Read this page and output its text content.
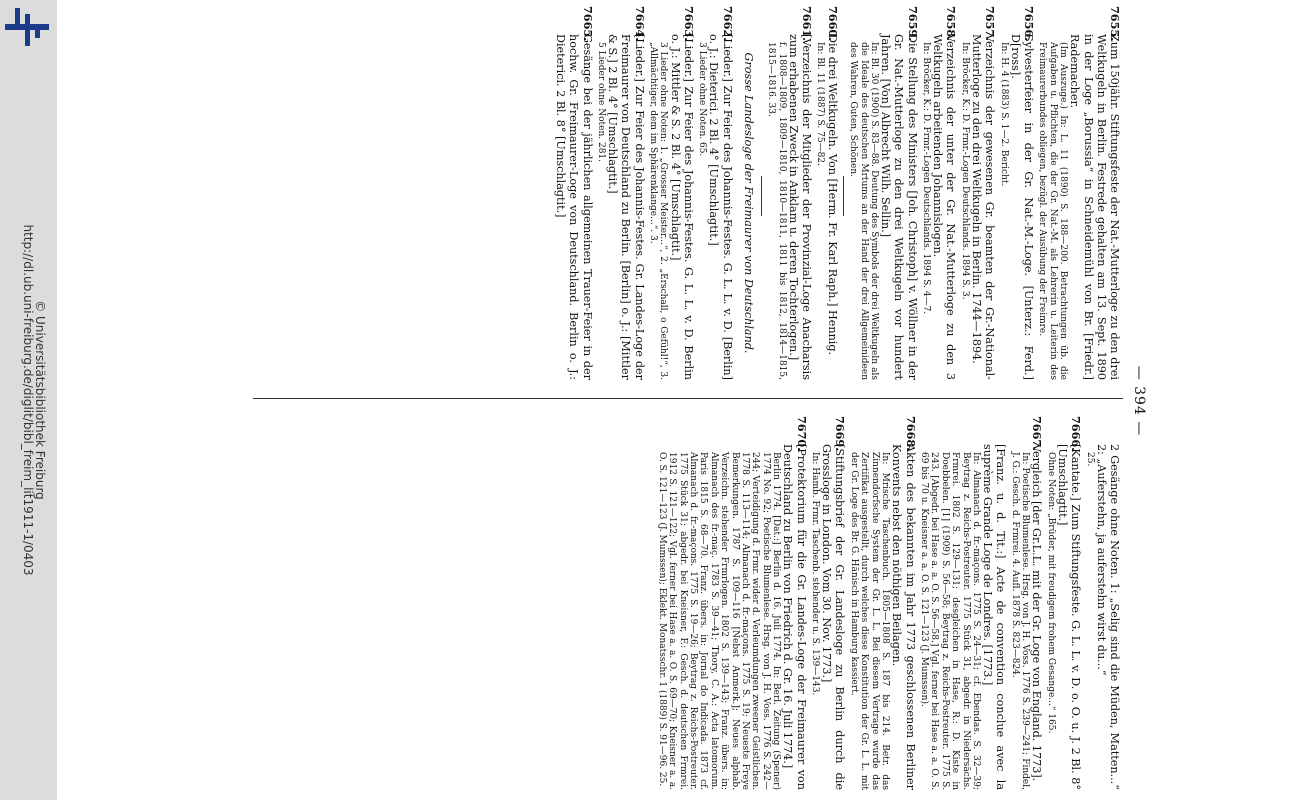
http://dl.ub.uni-freiburg.de/diglit/bibl_freim_lit1911-1/0403
© Universitätsbibliothek Freiburg	— 394 —
7655.
Zum 150jähr. Stiftungsfeste der Nat.-Mutterloge zu den drei Weltkugeln in Berlin. Festrede gehalten am 13. Sept. 1890 in der Loge „Borussia“ in Schneidemühl von Br. [Friedr.] Rademacher.
(Im Auszuge.) In: L. 11 (1890) S. 188—200. Betrachtungen üb. die Aufgaben u. Pflichten, die der Gr. Nat.-M. als Lehrerin u. Leiterin des Freimaurerbundes obliegen, bezügl. der Ausübung der Freimre.
7656.
Sylvesterfeier in der Gr. Nat.-M.-Loge. [Unterz.: Ferd.] D[ross].
In: H. 4 (1883) S. 1—2. Bericht.
7657.
Verzeichnis der gewesenen Gr. beamten der Gr.-National-Mutterloge zu den drei Weltkugeln in Berlin. 1744—1894.
In: Bröcker, K.: D. Frmr.-Logen Deutschlands. 1894 S. 3.
7658.
Verzeichnis der unter der Gr. Nat.-Mutterloge zu den 3 Weltkugeln arbeitenden Johannislogen.
In: Bröcker, K.: D. Frmr.-Logen Deutschlands. 1894 S. 4—7.
7659.
Die Stellung des Ministers [Joh. Christoph] v. Wöllner in der Gr. Nat.-Mutterloge zu den drei Weltkugeln vor hundert Jahren. [Von] Albrecht Wilh. Sellin.]
In: Bl. 30 (1900) S. 83—88. Deutung des Symbols der drei Weltkugeln als die Ideale des deutschen Mrtums an der Hand der drei Allgemeinideen des Wahren, Guten, Schönen.
7660.
Die drei Weltkugeln. Von [Herm. Fr. Karl Raph.] Hennig.
In: Bl. 11 (1887) S. 75—82.
7661.
[Verzeichnis der Mitglieder der Provinzial-Loge Anacharsis zum erhabenen Zweck in Anklam u. deren Tochterlogen.]
f. 1808—1809, 1809—1810, 1810—1811, 1811 bis 1812, 1814—1815, 1815—1816. 33.
Grosse Landesloge der Freimaurer von Deutschland.
7662.
[Lieder.] Zur Feier des Johannis-Festes. G. L. L. v. D. [Berlin] o. J.: Dieterici. 2 Bl. 4° [Umschlagtit.]
3 Lieder ohne Noten. 65.
7663.
[Lieder.] Zur Feier des Johannis-Festes. G. L. L. v. D. Berlin o. J.: Mittler & S. 2 Bl. 4° [Umschlagtit.]
3 Lieder ohne Noten: 1. „Grosser Meister...“, 2. „Erschall, o Gefühl!“, 3. „Allmächtiger, dem im Sphärenklange...“. 3.
7664.
[Lieder.] Zur Feier des Johannis-Festes. Gr. Landes-Loge der Freimaurer von Deutschland zu Berlin. [Berlin] o. J.: [Mittler & S.] 2 Bl. 4° [Umschlagtit.]
5 Lieder ohne Noten. 281.
7665.
Gesänge bei der jährlichen allgemeinen Trauer-Feier in der hochw. Gr. Freimaurer-Loge von Deutschland. Berlin o. J.: Dieterici. 2 Bl. 8° [Umschlagtit.]
2 Gesänge ohne Noten. 1: „Selig sind die Müden, Matten...“ 2: „Auferstehn, ja auferstehn wirst du...“
25.
7666.
[Kantate.] Zum Stiftungsfeste. G. L. L. v. D. o. O. u. J. 2 Bl. 8° [Umschlagtit.]
Ohne Noten: „Brüder, mit freudigem frohem Gesange...“ 165.
7667.
Vergleich [der Gr.L.L. mit der Gr. Loge von England. 1773].
In: Poetische Blumenlese. Hrsg. von J. H. Voss. 1776 S. 239—241; Findel, J. G.: Gesch. d. Frmrei. 4. Aufl. 1878 S. 823—824.
[Franz. u. d. Tit.:] Acte de convention conclue avec la suprème Grande Loge de Londres. [1773.]
In: Almanach d. fr.-maçons. 1775 S. 24—31; cf. Ebendas. S. 32—39; Beytrag z. Reichs-Postreuter. 1775 Stück 31, abgedr. in Niedersächs. Frmrei. 1802 S. 129—131; desgleichen in Hase, R.: D. Kiste in Doebbelen. [1] (1909) S. 56—58; Beytrag z. Reichs-Postreuter. 1775 S. 243. [Abgedr. bei Hase a. a. O. S. 56—58.] Vgl. ferner bei Hase a. a. O. S. 69 bis 70 u. Kneisner a. a. O. S. 121—123 (J. Mumssen).
7668.
Akten des bekannten im Jahr 1773 geschlossenen Berliner Konvents nebst den nöthigen Beilagen.
In: Mrische Taschenbuch. 1805—1808 S. 187 bis 214. Betr. das Zinnendorfsche System der Gr. L. L. Bei diesem Vertrage wurde das Zertifikat ausgestellt, durch welches diese Konstitution der Gr. L. L. mit der Gr. Loge des Br. G. Hänisch in Hamburg kassiert.
7669.
[Stiftungsbrief der Gr. Landesloge zu Berlin durch die Grossloge in London. Vom 30. Nov. 1773.]
In: Hamb. Frmr. Taschenb. stehender u. S. 139—143.
7670.
[Protektorium für die Gr. Landes-Loge der Freimaurer von Deutschland zu Berlin von Friedrich d. Gr. 16. Juli 1774.]
Berlin 1774. [Dat.:] Berlin d. 16. Juli 1774. In: Berl. Zeitung (Spener) 1774 No. 92; Poetische Blumenlese. Hrsg. von J. H. Voss. 1776 S. 242—244; Verteidigung d. Frmr. wider d. Verleumdungen zweener Geistlichen. 1778 S. 113—114; Almanach d. fr.-maçons. 1775 S. 19; Neueste Freye Bemerkungen. 1787 S. 109—116 [Nebst Anmerk.]; Neues alphab. Verzeichn. stehender Frmrlogen. 1802 S. 139—143; Franz. übers. in: Almanach des fr.-maç. 1783 S. 39—41; Thory, C. A.: Acta latomorum. Paris 1815 S. 68—70. Franz. übers. in: Jornal do Indicada. 1873 cf. Almanach d. fr.-maçons. 1775 S. 19—26; Beytrag z. Reichs-Postreuter. 1775 Stück 31; abgedr. bei Kneisner, F.: Gesch. d. deutschen Frmrei. 1912 S. 121—122; Vgl. ferner bei Hase a. a. O. S. 69—70; Kneisner a. a. O. S. 121—123 (J. Mumssen); Eklekt. Monatsschr. 1 (1889) S. 91—96. 25.
